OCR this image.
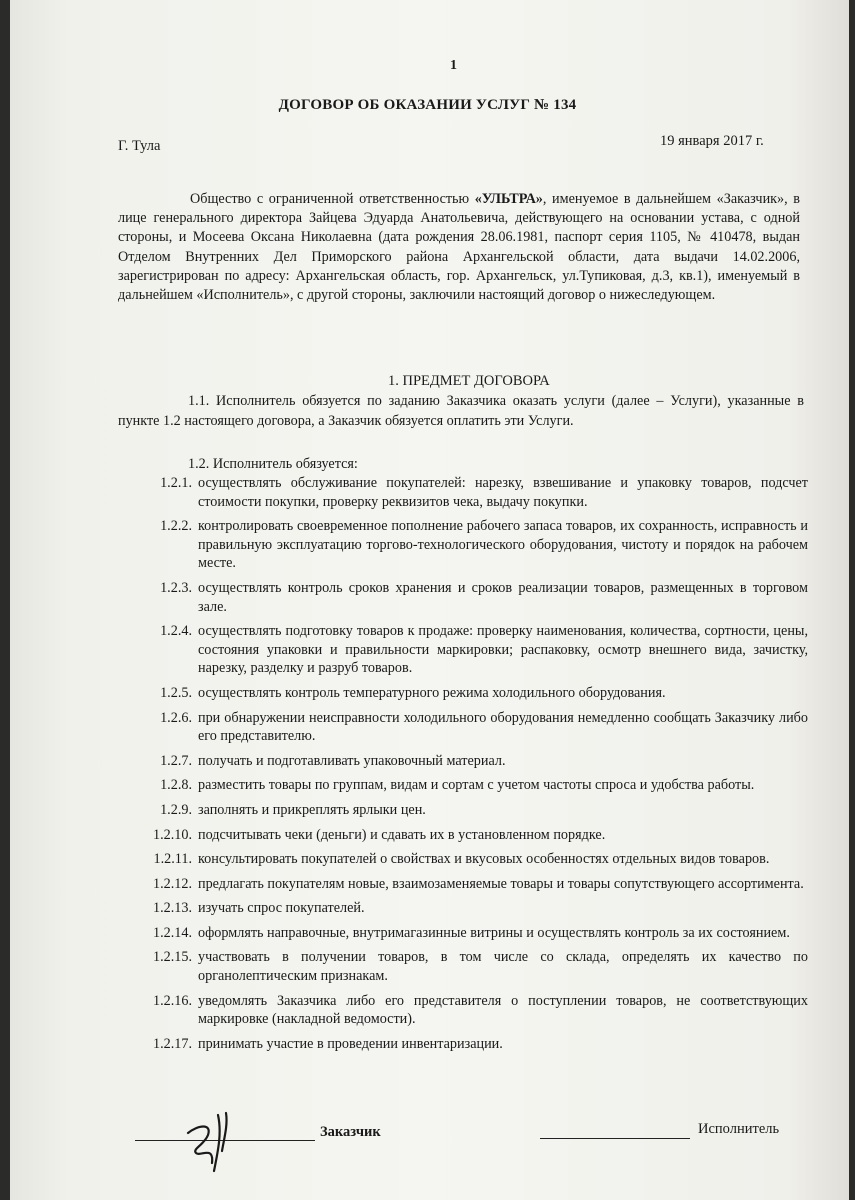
1
ДОГОВОР ОБ ОКАЗАНИИ УСЛУГ № 134
Г. Тула	19 января 2017 г.

Общество с ограниченной ответственностью «УЛЬТРА», именуемое в дальнейшем «Заказчик», в лице генерального директора Зайцева Эдуарда Анатольевича, действующего на основании устава, с одной стороны, и Мосеева Оксана Николаевна (дата рождения 28.06.1981, паспорт серия 1105, № 410478, выдан Отделом Внутренних Дел Приморского района Архангельской области, дата выдачи 14.02.2006, зарегистрирован по адресу: Архангельская область, гор. Архангельск, ул.Тупиковая, д.3, кв.1), именуемый в дальнейшем «Исполнитель», с другой стороны, заключили настоящий договор о нижеследующем.

1. ПРЕДМЕТ ДОГОВОРА

1.1. Исполнитель обязуется по заданию Заказчика оказать услуги (далее – Услуги), указанные в пункте 1.2 настоящего договора, а Заказчик обязуется оплатить эти Услуги.

1.2. Исполнитель обязуется:
1.2.1. осуществлять обслуживание покупателей: нарезку, взвешивание и упаковку товаров, подсчет стоимости покупки, проверку реквизитов чека, выдачу покупки.
1.2.2. контролировать своевременное пополнение рабочего запаса товаров, их сохранность, исправность и правильную эксплуатацию торгово-технологического оборудования, чистоту и порядок на рабочем месте.
1.2.3. осуществлять контроль сроков хранения и сроков реализации товаров, размещенных в торговом зале.
1.2.4. осуществлять подготовку товаров к продаже: проверку наименования, количества, сортности, цены, состояния упаковки и правильности маркировки; распаковку, осмотр внешнего вида, зачистку, нарезку, разделку и разруб товаров.
1.2.5. осуществлять контроль температурного режима холодильного оборудования.
1.2.6. при обнаружении неисправности холодильного оборудования немедленно сообщать Заказчику либо его представителю.
1.2.7. получать и подготавливать упаковочный материал.
1.2.8. разместить товары по группам, видам и сортам с учетом частоты спроса и удобства работы.
1.2.9. заполнять и прикреплять ярлыки цен.
1.2.10. подсчитывать чеки (деньги) и сдавать их в установленном порядке.
1.2.11. консультировать покупателей о свойствах и вкусовых особенностях отдельных видов товаров.
1.2.12. предлагать покупателям новые, взаимозаменяемые товары и товары сопутствующего ассортимента.
1.2.13. изучать спрос покупателей.
1.2.14. оформлять направочные, внутримагазинные витрины и осуществлять контроль за их состоянием.
1.2.15. участвовать в получении товаров, в том числе со склада, определять их качество по органолептическим признакам.
1.2.16. уведомлять Заказчика либо его представителя о поступлении товаров, не соответствующих маркировке (накладной ведомости).
1.2.17. принимать участие в проведении инвентаризации.
Заказчик	Исполнитель
